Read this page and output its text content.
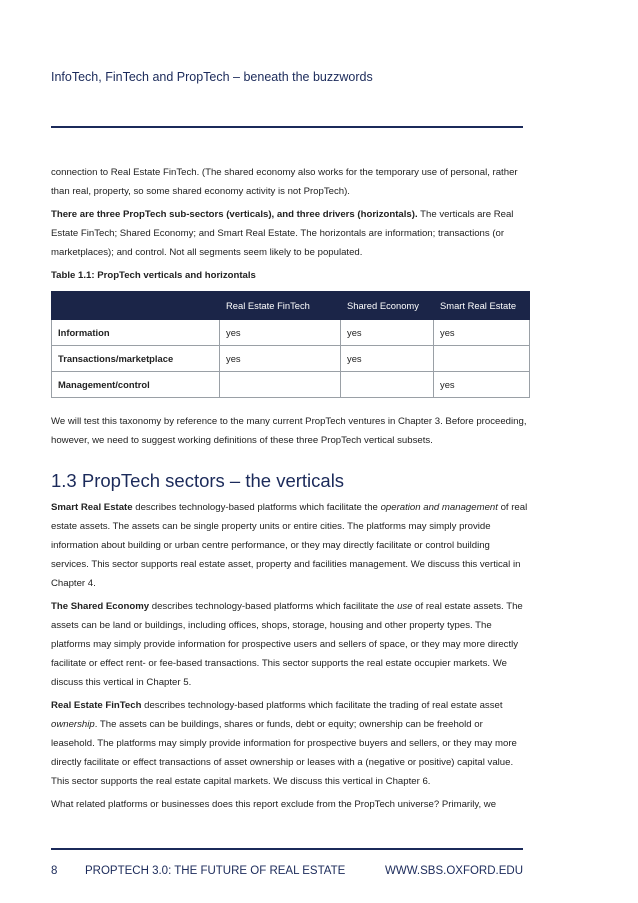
InfoTech, FinTech and PropTech – beneath the buzzwords

connection to Real Estate FinTech. (The shared economy also works for the temporary use of personal, rather than real, property, so some shared economy activity is not PropTech).

There are three PropTech sub-sectors (verticals), and three drivers (horizontals). The verticals are Real Estate FinTech; Shared Economy; and Smart Real Estate. The horizontals are information; transactions (or marketplaces); and control. Not all segments seem likely to be populated.

Table 1.1: PropTech verticals and horizontals
	Real Estate FinTech	Shared Economy	Smart Real Estate
Information	yes	yes	yes
Transactions/marketplace	yes	yes	
Management/control			yes

We will test this taxonomy by reference to the many current PropTech ventures in Chapter 3. Before proceeding, however, we need to suggest working definitions of these three PropTech vertical subsets.

1.3 PropTech sectors – the verticals

Smart Real Estate describes technology-based platforms which facilitate the operation and management of real estate assets. The assets can be single property units or entire cities. The platforms may simply provide information about building or urban centre performance, or they may directly facilitate or control building services. This sector supports real estate asset, property and facilities management. We discuss this vertical in Chapter 4.

The Shared Economy describes technology-based platforms which facilitate the use of real estate assets. The assets can be land or buildings, including offices, shops, storage, housing and other property types. The platforms may simply provide information for prospective users and sellers of space, or they may more directly facilitate or effect rent- or fee-based transactions. This sector supports the real estate occupier markets. We discuss this vertical in Chapter 5.

Real Estate FinTech describes technology-based platforms which facilitate the trading of real estate asset ownership. The assets can be buildings, shares or funds, debt or equity; ownership can be freehold or leasehold. The platforms may simply provide information for prospective buyers and sellers, or they may more directly facilitate or effect transactions of asset ownership or leases with a (negative or positive) capital value. This sector supports the real estate capital markets. We discuss this vertical in Chapter 6.

What related platforms or businesses does this report exclude from the PropTech universe? Primarily, we

8	PROPTECH 3.0: THE FUTURE OF REAL ESTATE	WWW.SBS.OXFORD.EDU
